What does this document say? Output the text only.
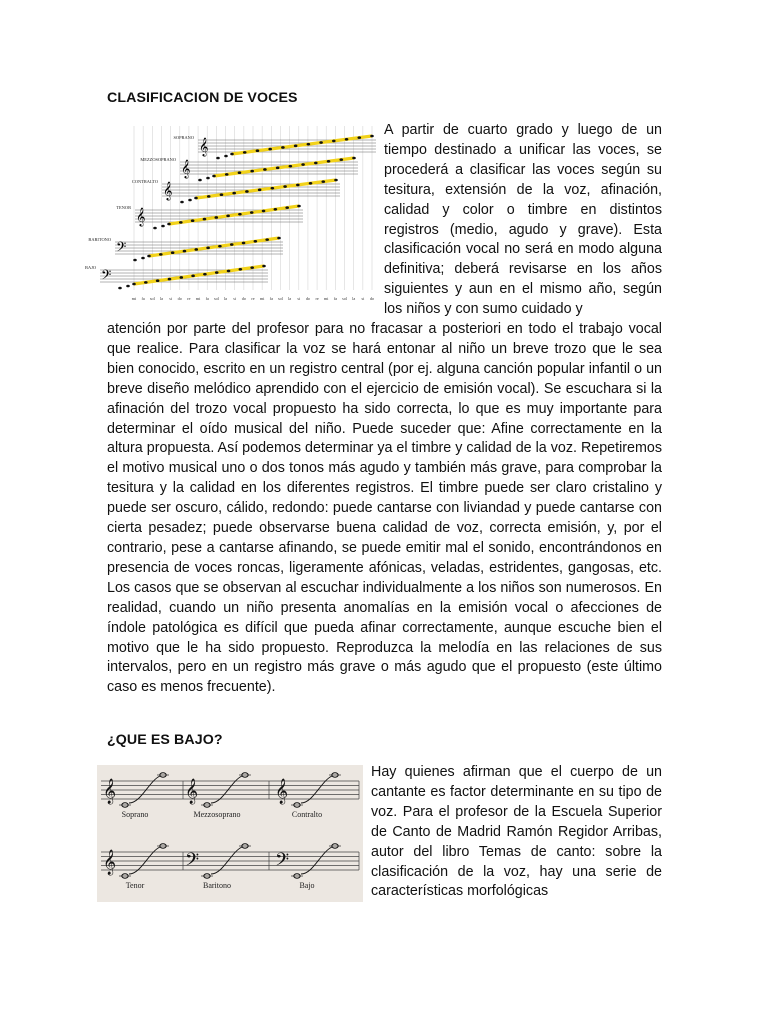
CLASIFICACION DE VOCES
mi fa sol la si do re mi fa sol la si do re mi fa sol la si do re mi fa sol la si do
SOPRANO
𝄞
MEZZOSOPRANO
𝄞
CONTRALTO
𝄞
TENOR
𝄞
BARITONO
𝄢
BAJO
𝄢

A partir de cuarto grado y luego de un tiempo destinado a unificar las voces, se procederá a clasificar las voces según su tesitura, extensión de la voz, afinación, calidad y color o timbre en distintos registros (medio, agudo y grave). Esta clasificación vocal no será en modo alguna definitiva; deberá revisarse en los años siguientes y aun en el mismo año, según los niños y con sumo cuidado y

atención por parte del profesor para no fracasar a posteriori en todo el trabajo vocal que realice. Para clasificar la voz se hará entonar al niño un breve trozo que le sea bien conocido, escrito en un registro central (por ej. alguna canción popular infantil o un breve diseño melódico aprendido con el ejercicio de emisión vocal). Se escuchara si la afinación del trozo vocal propuesto ha sido correcta, lo que es muy importante para determinar el oído musical del niño. Puede suceder que: Afine correctamente en la altura propuesta. Así podemos determinar ya el timbre y calidad de la voz. Repetiremos el motivo musical uno o dos tonos más agudo y también más grave, para comprobar la tesitura y la calidad en los diferentes registros. El timbre puede ser claro cristalino y puede ser oscuro, cálido, redondo: puede cantarse con liviandad y puede cantarse con cierta pesadez; puede observarse buena calidad de voz, correcta emisión, y, por el contrario, pese a cantarse afinando, se puede emitir mal el sonido, encontrándonos en presencia de voces roncas, ligeramente afónicas, veladas, estridentes, gangosas, etc. Los casos que se observan al escuchar individualmente a los niños son numerosos. En realidad, cuando un niño presenta anomalías en la emisión vocal o afecciones de índole patológica es difícil que pueda afinar correctamente, aunque escuche bien el motivo que le ha sido propuesto. Reproduzca la melodía en las relaciones de sus intervalos, pero en un registro más grave o más agudo que el propuesto (este último caso es menos frecuente).

¿QUE ES BAJO?
𝄞
Soprano
𝄞
Mezzosoprano
𝄞
Contralto
𝄞
Tenor
𝄢
Baritono
𝄢
Bajo

Hay quienes afirman que el cuerpo de un cantante es factor determinante en su tipo de voz. Para el profesor de la Escuela Superior de Canto de Madrid Ramón Regidor Arribas, autor del libro Temas de canto: sobre la clasificación de la voz, hay una serie de características morfológicas
